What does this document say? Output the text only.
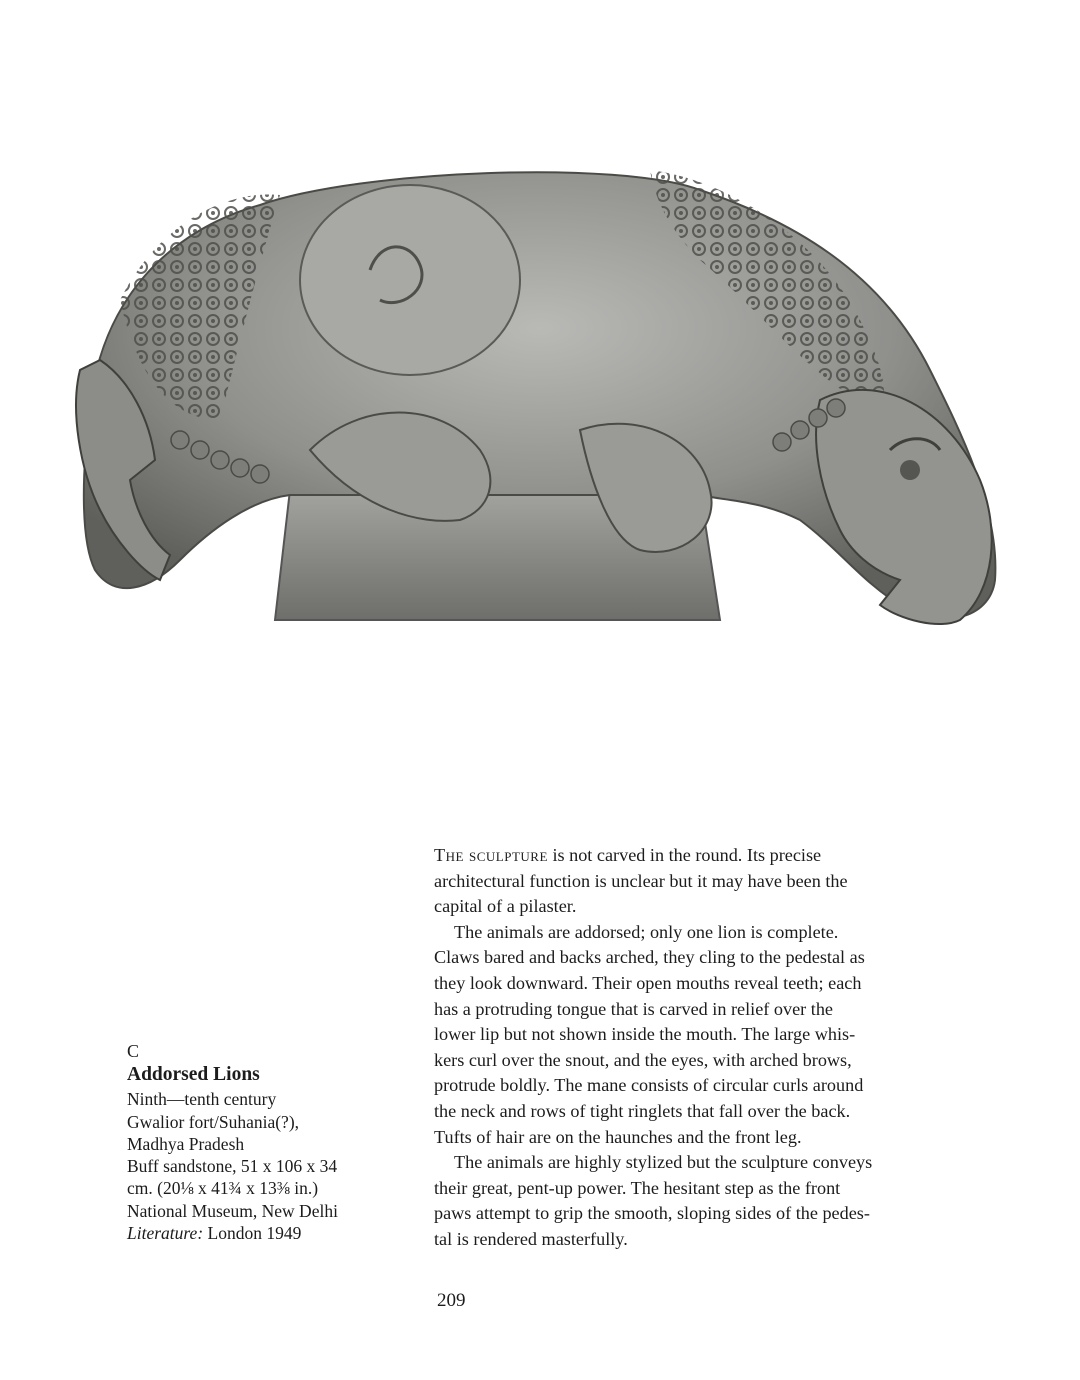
C
Addorsed Lions
Ninth—tenth century
Gwalior fort/Suhania(?),
Madhya Pradesh
Buff sandstone, 51 x 106 x 34
cm. (20⅛ x 41¾ x 13⅜ in.)
National Museum, New Delhi
Literature: London 1949
The sculpture is not carved in the round. Its precise
architectural function is unclear but it may have been the
capital of a pilaster.
The animals are addorsed; only one lion is complete.
Claws bared and backs arched, they cling to the pedestal as
they look downward. Their open mouths reveal teeth; each
has a protruding tongue that is carved in relief over the
lower lip but not shown inside the mouth. The large whis-
kers curl over the snout, and the eyes, with arched brows,
protrude boldly. The mane consists of circular curls around
the neck and rows of tight ringlets that fall over the back.
Tufts of hair are on the haunches and the front leg.
The animals are highly stylized but the sculpture conveys
their great, pent-up power. The hesitant step as the front
paws attempt to grip the smooth, sloping sides of the pedes-
tal is rendered masterfully.
209
